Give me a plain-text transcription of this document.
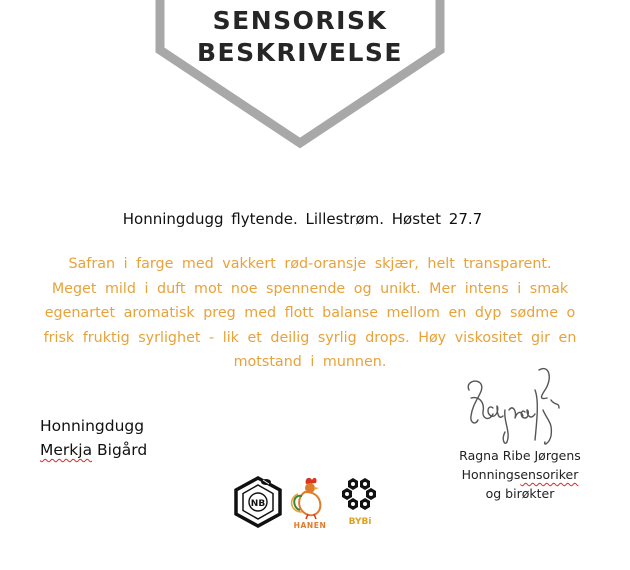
SENSORISK
BESKRIVELSE
Honningdugg flytende. Lillestrøm. Høstet 27.7
Safran i farge med vakkert rød-oransje skjær, helt transparent.
Meget mild i duft mot noe spennende og unikt. Mer intens i smak
egenartet aromatisk preg med flott balanse mellom en dyp sødme o
frisk fruktig syrlighet - lik et deilig syrlig drops. Høy viskositet gir en
motstand i munnen.
Honningdugg
Merkja Bigård	Ragna Ribe Jørgens
Honningsensoriker
og birøkter
NB
HANEN BYBi
